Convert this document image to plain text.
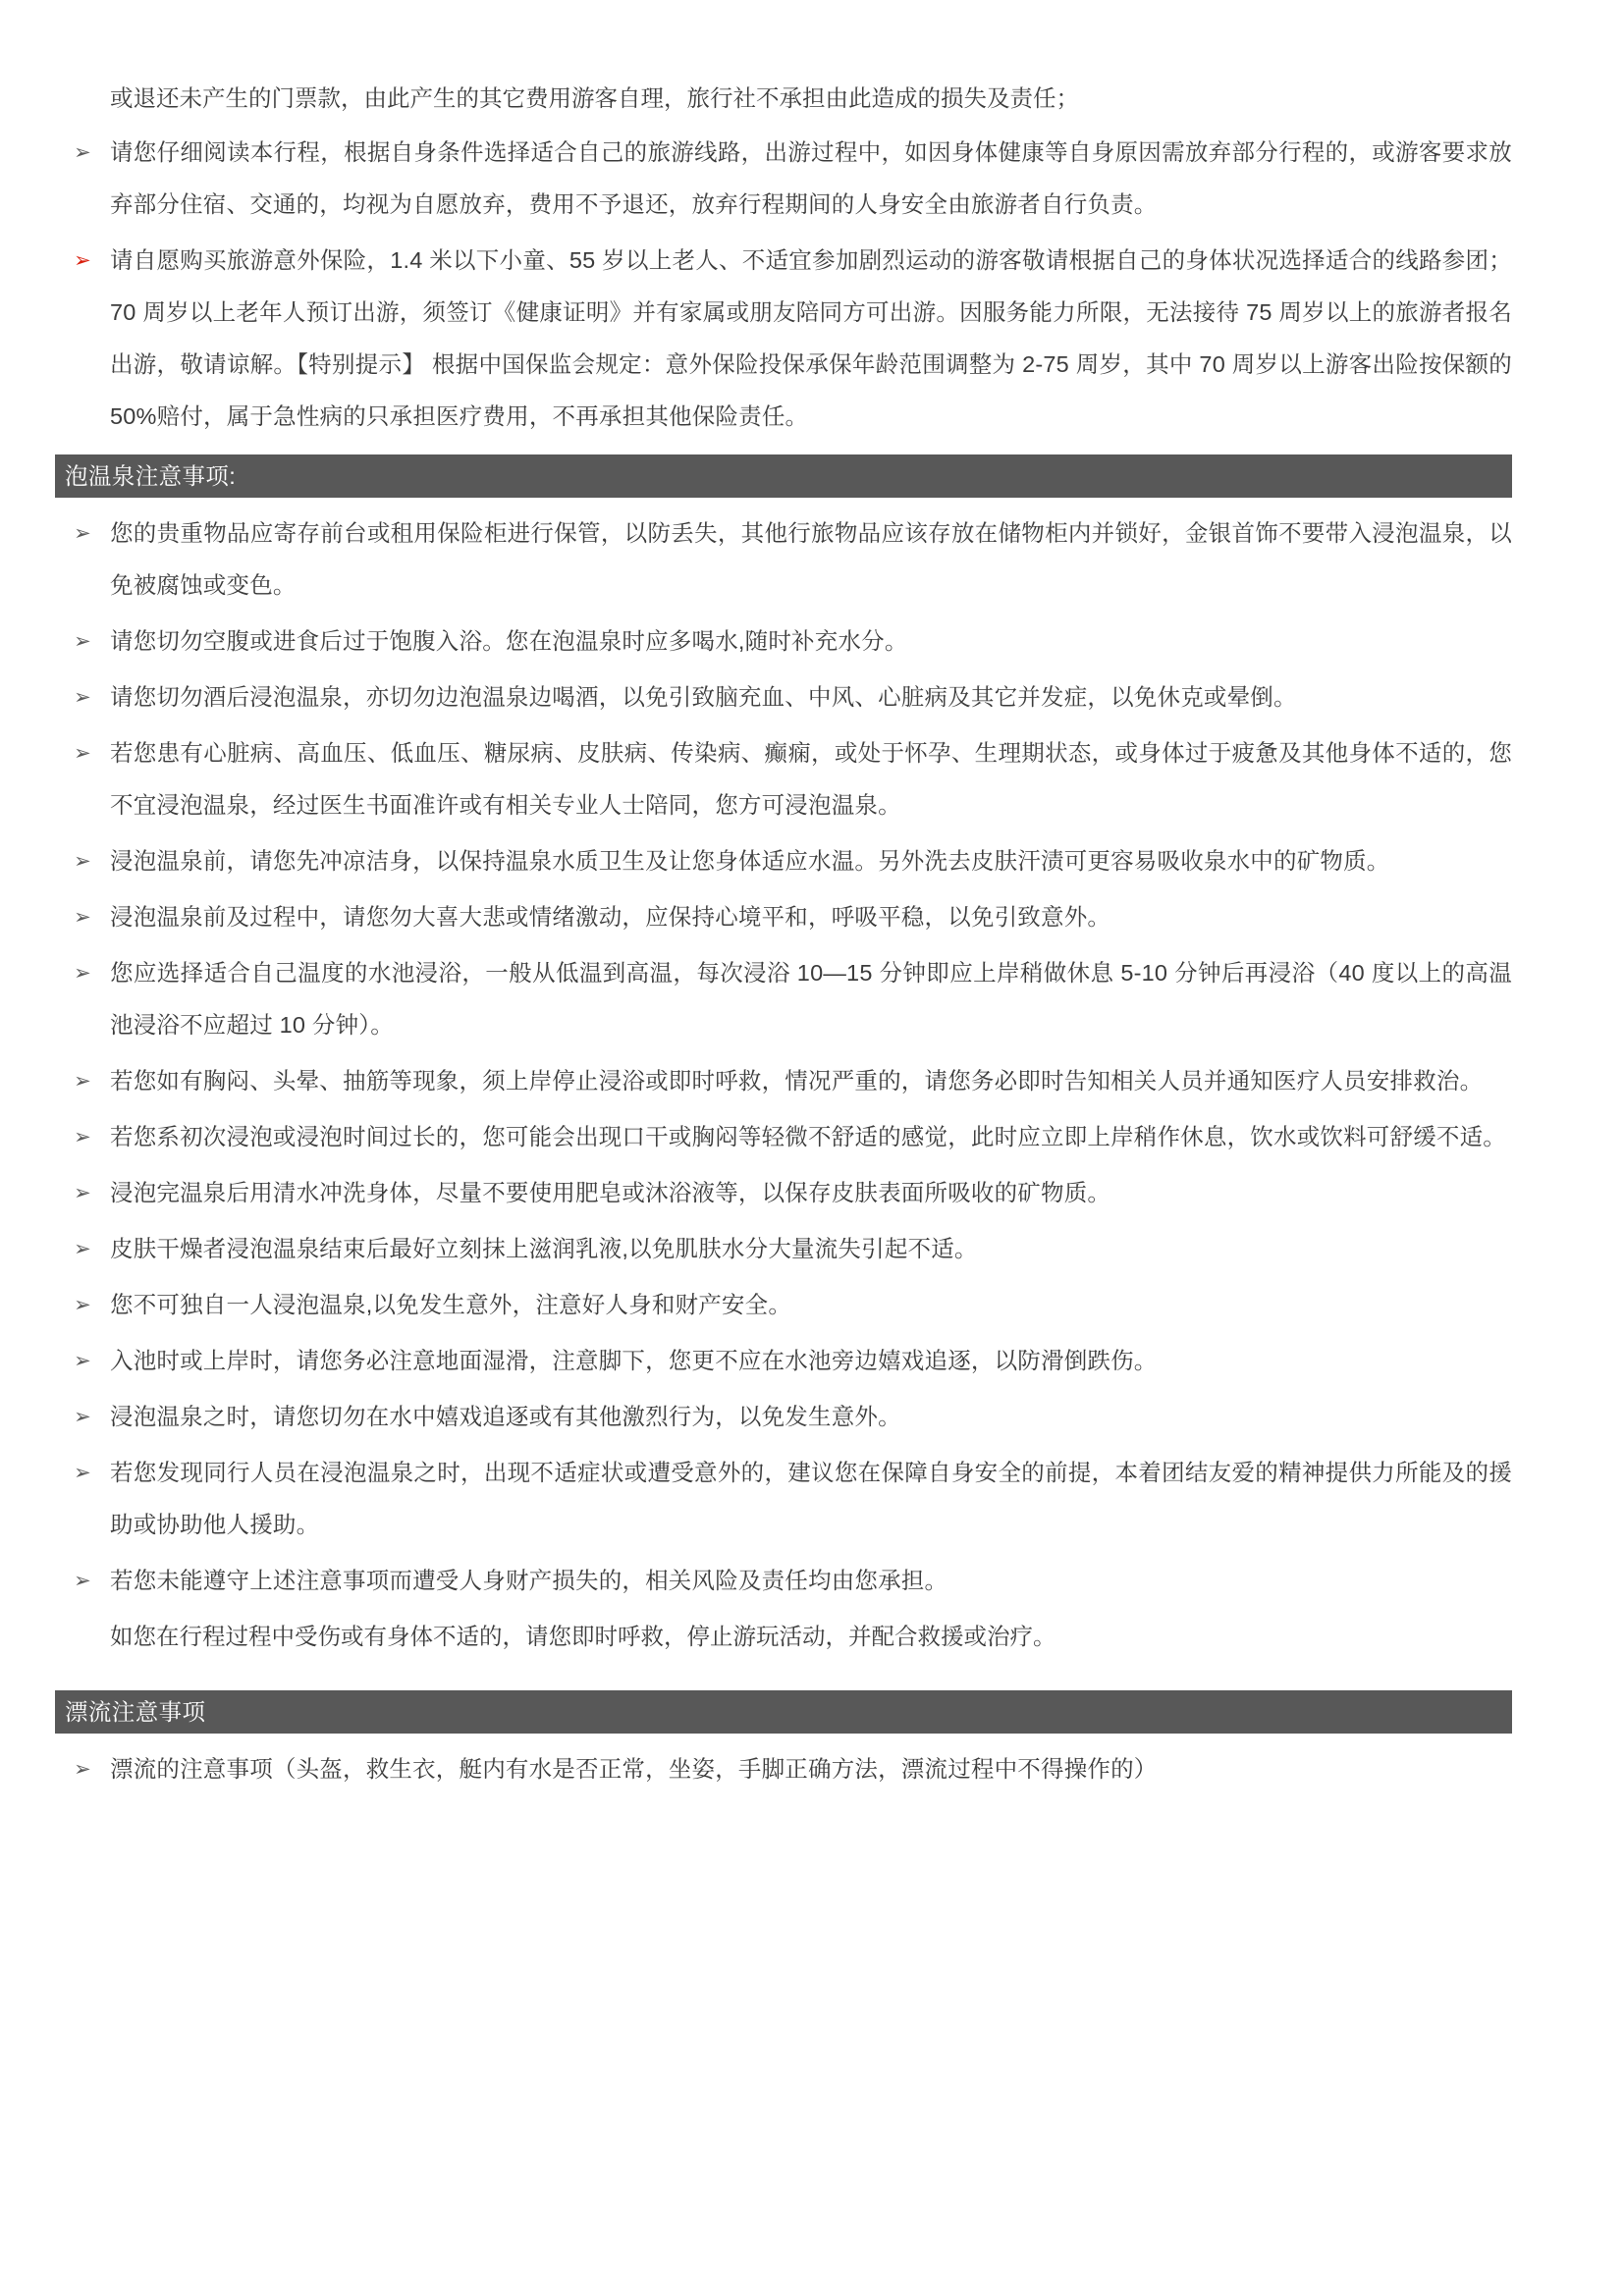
或退还未产生的门票款，由此产生的其它费用游客自理，旅行社不承担由此造成的损失及责任；
➢ 请您仔细阅读本行程，根据自身条件选择适合自己的旅游线路，出游过程中，如因身体健康等自身原因需放弃部分行程的，或游客要求放弃部分住宿、交通的，均视为自愿放弃，费用不予退还，放弃行程期间的人身安全由旅游者自行负责。
➢ 请自愿购买旅游意外保险，1.4 米以下小童、55 岁以上老人、不适宜参加剧烈运动的游客敬请根据自己的身体状况选择适合的线路参团；70 周岁以上老年人预订出游，须签订《健康证明》并有家属或朋友陪同方可出游。因服务能力所限，无法接待 75 周岁以上的旅游者报名出游，敬请谅解。【特别提示】 根据中国保监会规定：意外保险投保承保年龄范围调整为 2-75 周岁，其中 70 周岁以上游客出险按保额的 50%赔付，属于急性病的只承担医疗费用，不再承担其他保险责任。
泡温泉注意事项:
➢ 您的贵重物品应寄存前台或租用保险柜进行保管，以防丢失，其他行旅物品应该存放在储物柜内并锁好，金银首饰不要带入浸泡温泉，以免被腐蚀或变色。
➢ 请您切勿空腹或进食后过于饱腹入浴。您在泡温泉时应多喝水,随时补充水分。
➢ 请您切勿酒后浸泡温泉，亦切勿边泡温泉边喝酒，以免引致脑充血、中风、心脏病及其它并发症，以免休克或晕倒。
➢ 若您患有心脏病、高血压、低血压、糖尿病、皮肤病、传染病、癫痫，或处于怀孕、生理期状态，或身体过于疲惫及其他身体不适的，您不宜浸泡温泉，经过医生书面准许或有相关专业人士陪同，您方可浸泡温泉。
➢ 浸泡温泉前，请您先冲凉洁身，以保持温泉水质卫生及让您身体适应水温。另外洗去皮肤汗渍可更容易吸收泉水中的矿物质。
➢ 浸泡温泉前及过程中，请您勿大喜大悲或情绪激动，应保持心境平和，呼吸平稳，以免引致意外。
➢ 您应选择适合自己温度的水池浸浴，一般从低温到高温，每次浸浴 10—15 分钟即应上岸稍做休息 5-10 分钟后再浸浴（40 度以上的高温池浸浴不应超过 10 分钟）。
➢ 若您如有胸闷、头晕、抽筋等现象，须上岸停止浸浴或即时呼救，情况严重的，请您务必即时告知相关人员并通知医疗人员安排救治。
➢ 若您系初次浸泡或浸泡时间过长的，您可能会出现口干或胸闷等轻微不舒适的感觉，此时应立即上岸稍作休息，饮水或饮料可舒缓不适。
➢ 浸泡完温泉后用清水冲洗身体，尽量不要使用肥皂或沐浴液等，以保存皮肤表面所吸收的矿物质。
➢ 皮肤干燥者浸泡温泉结束后最好立刻抹上滋润乳液,以免肌肤水分大量流失引起不适。
➢ 您不可独自一人浸泡温泉,以免发生意外，注意好人身和财产安全。
➢ 入池时或上岸时，请您务必注意地面湿滑，注意脚下，您更不应在水池旁边嬉戏追逐，以防滑倒跌伤。
➢ 浸泡温泉之时，请您切勿在水中嬉戏追逐或有其他激烈行为，以免发生意外。
➢ 若您发现同行人员在浸泡温泉之时，出现不适症状或遭受意外的，建议您在保障自身安全的前提，本着团结友爱的精神提供力所能及的援助或协助他人援助。
➢ 若您未能遵守上述注意事项而遭受人身财产损失的，相关风险及责任均由您承担。
如您在行程过程中受伤或有身体不适的，请您即时呼救，停止游玩活动，并配合救援或治疗。
漂流注意事项
➢ 漂流的注意事项（头盔，救生衣，艇内有水是否正常，坐姿，手脚正确方法，漂流过程中不得操作的）
